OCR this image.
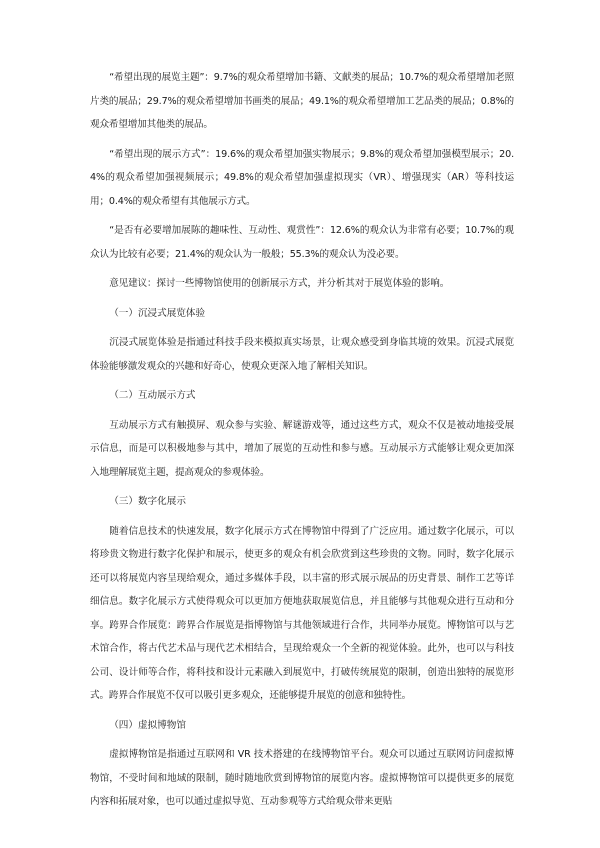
“希望出现的展览主题”：9.7%的观众希望增加书籍、文献类的展品；10.7%的观众希望增加老照片类的展品；29.7%的观众希望增加书画类的展品；49.1%的观众希望增加工艺品类的展品；0.8%的观众希望增加其他类的展品。

“希望出现的展示方式”：19.6%的观众希望加强实物展示；9.8%的观众希望加强模型展示；20.4%的观众希望加强视频展示；49.8%的观众希望加强虚拟现实（VR）、增强现实（AR）等科技运用；0.4%的观众希望有其他展示方式。

“是否有必要增加展陈的趣味性、互动性、观赏性”：12.6%的观众认为非常有必要；10.7%的观众认为比较有必要；21.4%的观众认为一般般；55.3%的观众认为没必要。

意见建议：探讨一些博物馆使用的创新展示方式，并分析其对于展览体验的影响。

（一）沉浸式展览体验

沉浸式展览体验是指通过科技手段来模拟真实场景，让观众感受到身临其境的效果。沉浸式展览体验能够激发观众的兴趣和好奇心，使观众更深入地了解相关知识。

（二）互动展示方式

互动展示方式有触摸屏、观众参与实验、解谜游戏等，通过这些方式，观众不仅是被动地接受展示信息，而是可以积极地参与其中，增加了展览的互动性和参与感。互动展示方式能够让观众更加深入地理解展览主题，提高观众的参观体验。

（三）数字化展示

随着信息技术的快速发展，数字化展示方式在博物馆中得到了广泛应用。通过数字化展示，可以将珍贵文物进行数字化保护和展示，使更多的观众有机会欣赏到这些珍贵的文物。同时，数字化展示还可以将展览内容呈现给观众，通过多媒体手段，以丰富的形式展示展品的历史背景、制作工艺等详细信息。数字化展示方式使得观众可以更加方便地获取展览信息，并且能够与其他观众进行互动和分享。跨界合作展览：跨界合作展览是指博物馆与其他领域进行合作，共同举办展览。博物馆可以与艺术馆合作，将古代艺术品与现代艺术相结合，呈现给观众一个全新的视觉体验。此外，也可以与科技公司、设计师等合作，将科技和设计元素融入到展览中，打破传统展览的限制，创造出独特的展览形式。跨界合作展览不仅可以吸引更多观众，还能够提升展览的创意和独特性。

（四）虚拟博物馆

虚拟博物馆是指通过互联网和 VR 技术搭建的在线博物馆平台。观众可以通过互联网访问虚拟博物馆，不受时间和地域的限制，随时随地欣赏到博物馆的展览内容。虚拟博物馆可以提供更多的展览内容和拓展对象，也可以通过虚拟导览、互动参观等方式给观众带来更贴
